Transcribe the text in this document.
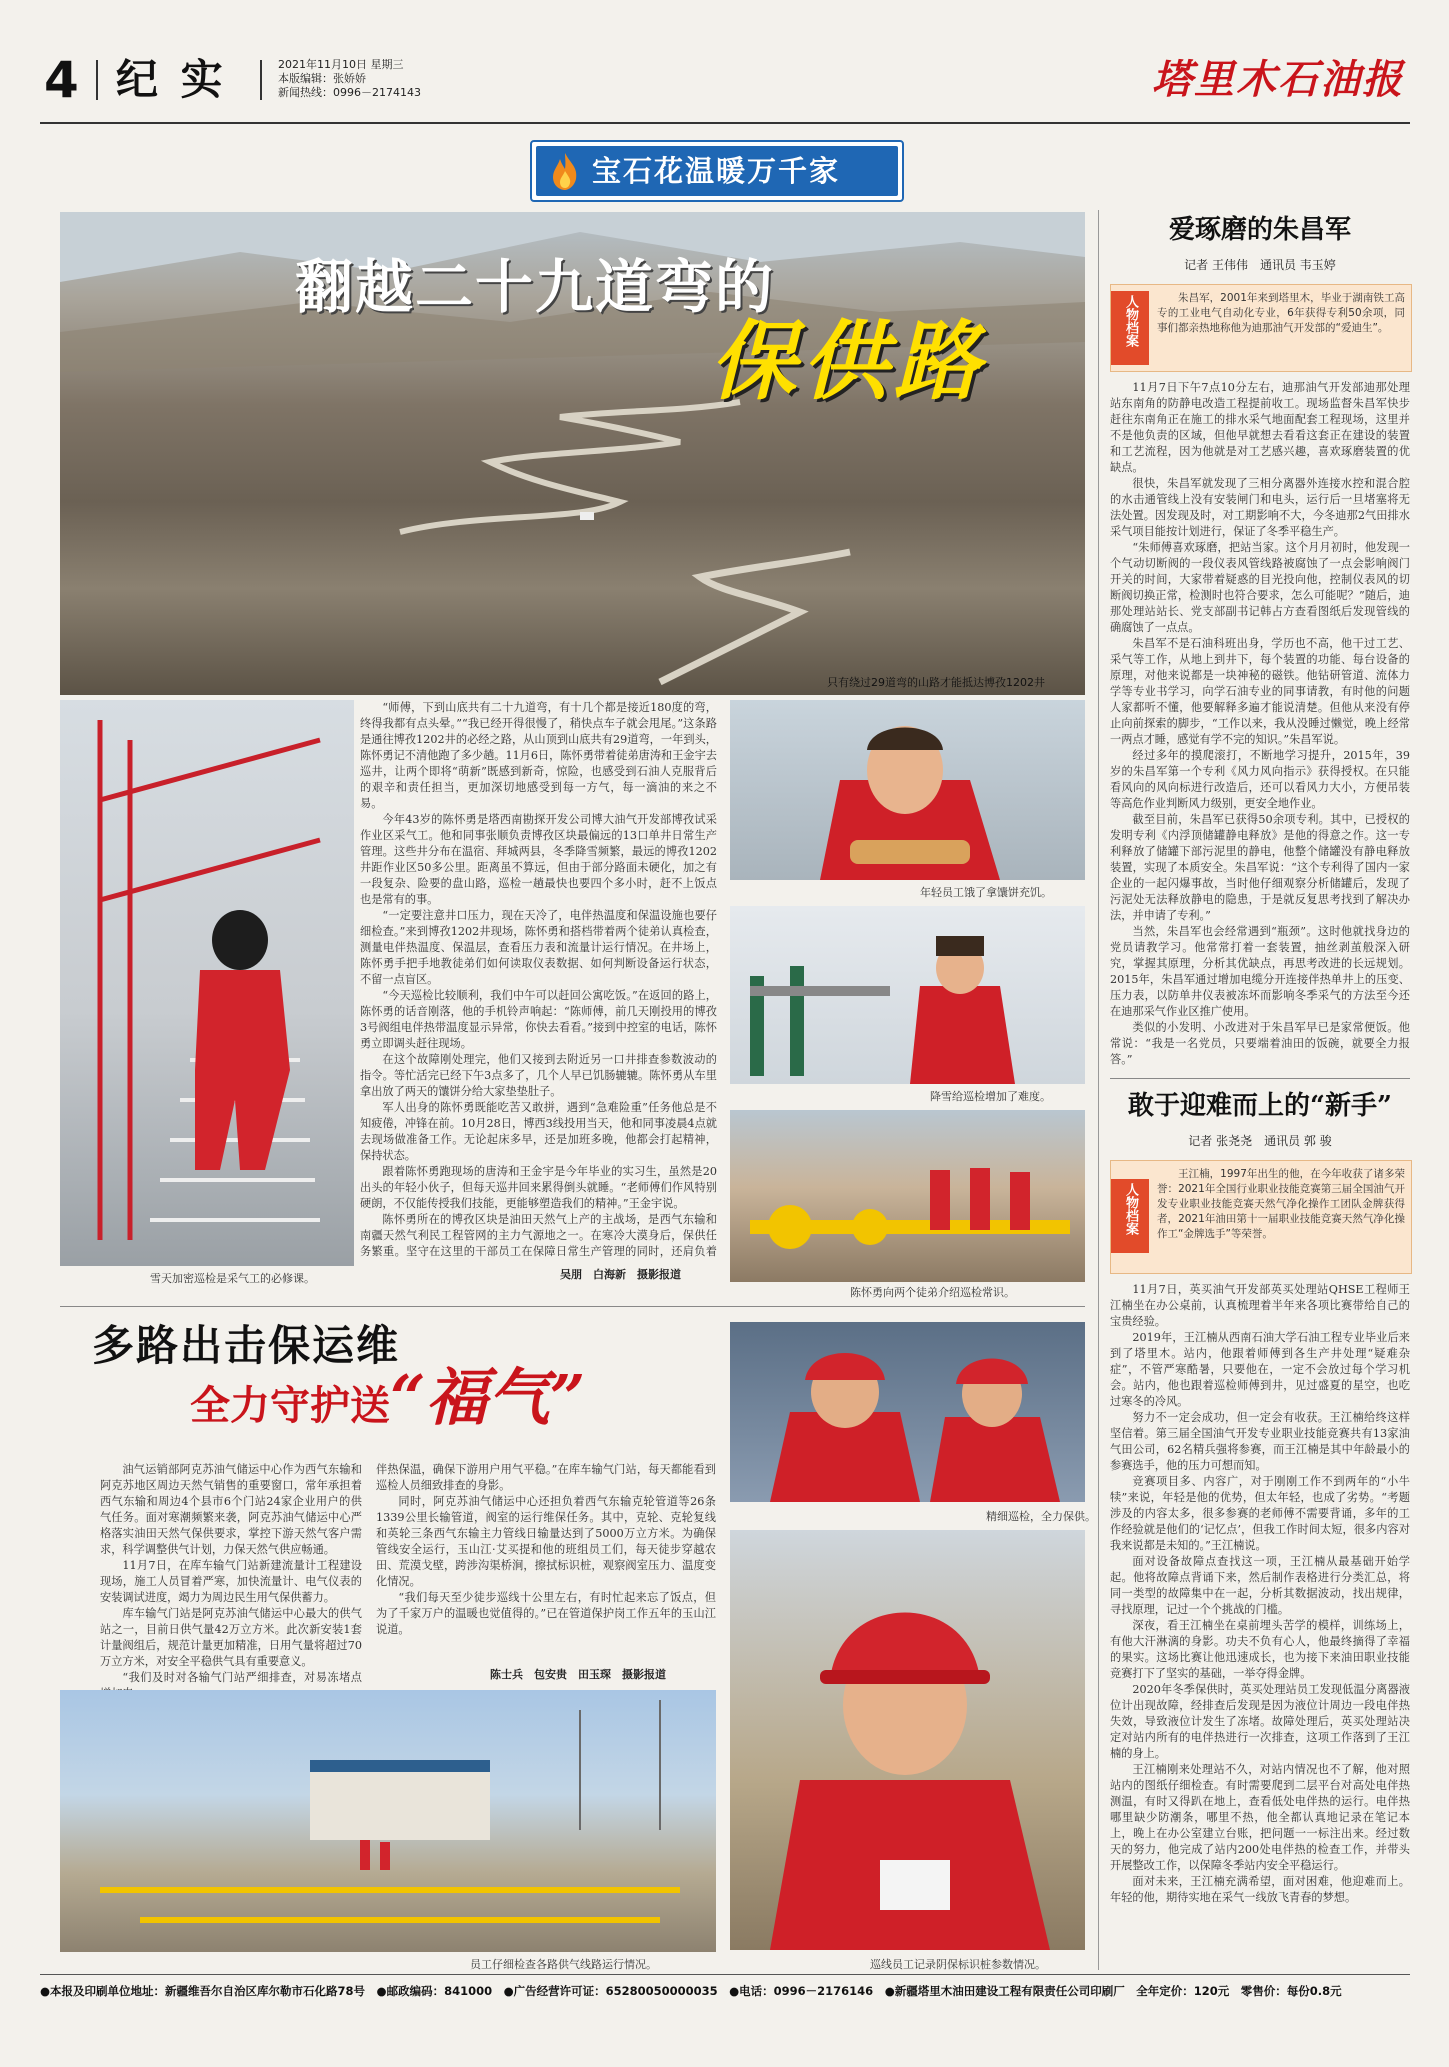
4 纪 实	2021年11月10日 星期三
本版编辑：张娇娇
新闻热线：0996－2174143	塔里木石油报
宝石花温暖万千家
翻越二十九道弯的
保供路
只有绕过29道弯的山路才能抵达博孜1202井
雪天加密巡检是采气工的必修课。

“师傅，下到山底共有二十九道弯，有十几个都是接近180度的弯，终得我都有点头晕。”“我已经开得很慢了，稍快点车子就会甩尾。”这条路是通往博孜1202井的必经之路，从山顶到山底共有29道弯，一年到头，陈怀勇记不清他跑了多少趟。11月6日，陈怀勇带着徒弟唐涛和王金宇去巡井，让两个即将“萌新”既感到新奇，惊险，也感受到石油人克服背后的艰辛和责任担当，更加深切地感受到每一方气，每一滴油的来之不易。

今年43岁的陈怀勇是塔西南勘探开发公司博大油气开发部博孜试采作业区采气工。他和同事张顺负责博孜区块最偏远的13口单井日常生产管理。这些井分布在温宿、拜城两县，冬季降雪频繁，最远的博孜1202井距作业区50多公里。距离虽不算远，但由于部分路面未硬化，加之有一段复杂、险要的盘山路，巡检一趟最快也要四个多小时，赶不上饭点也是常有的事。

“一定要注意井口压力，现在天冷了，电伴热温度和保温设施也要仔细检查。”来到博孜1202井现场，陈怀勇和搭档带着两个徒弟认真检查，测量电伴热温度、保温层，查看压力表和流量计运行情况。在井场上，陈怀勇手把手地教徒弟们如何读取仪表数据、如何判断设备运行状态，不留一点盲区。

“今天巡检比较顺利，我们中午可以赶回公寓吃饭。”在返回的路上，陈怀勇的话音刚落，他的手机铃声响起：“陈师傅，前几天刚投用的博孜3号阀组电伴热带温度显示异常，你快去看看。”接到中控室的电话，陈怀勇立即调头赶往现场。

在这个故障刚处理完，他们又接到去附近另一口井排查参数波动的指令。等忙活完已经下午3点多了，几个人早已饥肠辘辘。陈怀勇从车里拿出放了两天的馕饼分给大家垫垫肚子。

军人出身的陈怀勇既能吃苦又敢拼，遇到“急难险重”任务他总是不知疲倦，冲锋在前。10月28日，博西3线投用当天，他和同事凌晨4点就去现场做准备工作。无论起床多早，还是加班多晚，他都会打起精神，保持状态。

跟着陈怀勇跑现场的唐涛和王金宇是今年毕业的实习生，虽然是20出头的年轻小伙子，但每天巡井回来累得倒头就睡。“老师傅们作风特别硬朗，不仅能传授我们技能，更能够塑造我们的精神。”王金宇说。

陈怀勇所在的博孜区块是油田天然气上产的主战场，是西气东输和南疆天然气利民工程管网的主力气源地之一。在寒冷大漠身后，保供任务繁重。坚守在这里的干部员工在保障日常生产管理的同时，还肩负着

吴朋　白海新　摄影报道
年轻员工饿了拿馕饼充饥。
降雪给巡检增加了难度。
陈怀勇向两个徒弟介绍巡检常识。
多路出击保运维
全力守护送“福气”

油气运销部阿克苏油气储运中心作为西气东输和阿克苏地区周边天然气销售的重要窗口，常年承担着西气东输和周边4个县市6个门站24家企业用户的供气任务。面对寒潮频繁来袭，阿克苏油气储运中心严格落实油田天然气保供要求，掌控下游天然气客户需求，科学调整供气计划，力保天然气供应畅通。

11月7日，在库车输气门站新建流量计工程建设现场，施工人员冒着严寒，加快流量计、电气仪表的安装调试进度，竭力为周边民生用气保供蓄力。

库车输气门站是阿克苏油气储运中心最大的供气站之一，目前日供气量42万立方米。此次新安装1套计量阀组后，规范计量更加精准，日用气量将超过70万立方米，对安全平稳供气具有重要意义。

“我们及时对各输气门站严细排查，对易冻堵点

伴热保温，确保下游用户用气平稳。”在库车输气门站，每天都能看到巡检人员细致排查的身影。

同时，阿克苏油气储运中心还担负着西气东输克轮管道等26条1339公里长输管道，阀室的运行维保任务。其中，克轮、克轮复线和英轮三条西气东输主力管线日输量达到了5000万立方米。为确保管线安全运行，玉山江·艾买提和他的班组员工们，每天徒步穿越农田、荒漠戈壁，跨涉沟渠桥涧，擦拭标识桩，观察阀室压力、温度变化情况。

“我们每天至少徒步巡线十公里左右，有时忙起来忘了饭点，但为了千家万户的温暖也觉值得的。”已在管道保护岗工作五年的玉山江说道。

陈士兵　包安贵　田玉琛　摄影报道
员工仔细检查各路供气线路运行情况。
精细巡检，全力保供。
巡线员工记录阴保标识桩参数情况。
爱琢磨的朱昌军
记者 王伟伟　通讯员 韦玉婷
人物档案	朱昌军，2001年来到塔里木，毕业于湖南铁工高专的工业电气自动化专业，6年获得专利50余项，同事们都亲热地称他为迪那油气开发部的“爱迪生”。

11月7日下午7点10分左右，迪那油气开发部迪那处理站东南角的防静电改造工程提前收工。现场监督朱昌军快步赶往东南角正在施工的排水采气地面配套工程现场，这里并不是他负责的区域，但他早就想去看看这套正在建设的装置和工艺流程，因为他就是对工艺感兴趣，喜欢琢磨装置的优缺点。

很快，朱昌军就发现了三相分离器外连接水控和混合腔的水击通管线上没有安装闸门和电头，运行后一旦堵塞将无法处置。因发现及时，对工期影响不大，今冬迪那2气田排水采气项目能按计划进行，保证了冬季平稳生产。

“朱师傅喜欢琢磨，把站当家。这个月月初时，他发现一个气动切断阀的一段仪表风管线路被腐蚀了一点会影响阀门开关的时间，大家带着疑惑的目光投向他，控制仪表风的切断阀切换正常，检测时也符合要求，怎么可能呢？”随后，迪那处理站站长、党支部副书记韩占方查看图纸后发现管线的确腐蚀了一点点。

朱昌军不是石油科班出身，学历也不高，他干过工艺、采气等工作，从地上到井下，每个装置的功能、每台设备的原理，对他来说都是一块神秘的磁铁。他钻研管道、流体力学等专业书学习，向学石油专业的同事请教，有时他的问题人家都听不懂，他要解释多遍才能说清楚。但他从来没有停止向前探索的脚步，“工作以来，我从没睡过懒觉，晚上经常一两点才睡，感觉有学不完的知识。”朱昌军说。

经过多年的摸爬滚打，不断地学习提升，2015年，39岁的朱昌军第一个专利《风力风向指示》获得授权。在只能看风向的风向标进行改造后，还可以看风力大小，方便吊装等高危作业判断风力级别，更安全地作业。

截至目前，朱昌军已获得50余项专利。其中，已授权的发明专利《内浮顶储罐静电释放》是他的得意之作。这一专利释放了储罐下部污泥里的静电，他整个储罐没有静电释放装置，实现了本质安全。朱昌军说：“这个专利得了国内一家企业的一起闪爆事故，当时他仔细观察分析储罐后，发现了污泥处无法释放静电的隐患，于是就反复思考找到了解决办法，并申请了专利。”

当然，朱昌军也会经常遇到“瓶颈”。这时他就找身边的党员请教学习。他常常打着一套装置，抽丝剥茧般深入研究，掌握其原理，分析其优缺点，再思考改进的长远规划。2015年，朱昌军通过增加电缆分开连接伴热单井上的压变、压力表，以防单井仪表被冻坏而影响冬季采气的方法至今还在迪那采气作业区推广使用。

类似的小发明、小改进对于朱昌军早已是家常便饭。他常说：“我是一名党员，只要端着油田的饭碗，就要全力报答。”

敢于迎难而上的“新手”
记者 张尧尧　通讯员 郭 骏
人物档案
王江楠，1997年出生的他，在今年收获了诸多荣誉：2021年全国行业职业技能竞赛第三届全国油气开发专业职业技能竞赛天然气净化操作工团队金牌获得者，2021年油田第十一届职业技能竞赛天然气净化操作工“金牌选手”等荣誉。

11月7日，英买油气开发部英买处理站QHSE工程师王江楠坐在办公桌前，认真梳理着半年来各项比赛带给自己的宝贵经验。

2019年，王江楠从西南石油大学石油工程专业毕业后来到了塔里木。站内，他跟着师傅到各生产井处理“疑难杂症”，不管严寒酷暑，只要他在，一定不会放过每个学习机会。站内，他也跟着巡检师傅到井，见过盛夏的星空，也吃过寒冬的冷风。

努力不一定会成功，但一定会有收获。王江楠给终这样坚信着。第三届全国油气开发专业职业技能竞赛共有13家油气田公司，62名精兵强将参赛，而王江楠是其中年龄最小的参赛选手，他的压力可想而知。

竞赛项目多、内容广，对于刚刚工作不到两年的“小牛犊”来说，年轻是他的优势，但太年轻，也成了劣势。“考题涉及的内容太多，很多参赛的老师傅不需要背诵，多年的工作经验就是他们的‘记忆点’，但我工作时间太短，很多内容对我来说都是未知的。”王江楠说。

面对设备故障点查找这一项，王江楠从最基础开始学起。他将故障点背诵下来，然后制作表格进行分类汇总，将同一类型的故障集中在一起，分析其数据波动，找出规律，寻找原理，记过一个个挑战的门槛。

深夜，看王江楠坐在桌前埋头苦学的模样，训练场上，有他大汗淋漓的身影。功夫不负有心人，他最终摘得了幸福的果实。这场比赛让他迅速成长，也为接下来油田职业技能竞赛打下了坚实的基础，一举夺得金牌。

2020年冬季保供时，英买处理站员工发现低温分离器液位计出现故障，经排查后发现是因为液位计周边一段电伴热失效，导致液位计发生了冻堵。故障处理后，英买处理站决定对站内所有的电伴热进行一次排查，这项工作落到了王江楠的身上。

王江楠刚来处理站不久，对站内情况也不了解，他对照站内的图纸仔细检查。有时需要爬到二层平台对高处电伴热测温，有时又得趴在地上，查看低处电伴热的运行。电伴热哪里缺少防潮条，哪里不热，他全都认真地记录在笔记本上，晚上在办公室建立台账，把问题一一标注出来。经过数天的努力，他完成了站内200处电伴热的检查工作，并带头开展整改工作，以保障冬季站内安全平稳运行。

面对未来，王江楠充满希望，面对困难，他迎难而上。年轻的他，期待实地在采气一线放飞青春的梦想。

●本报及印刷单位地址：新疆维吾尔自治区库尔勒市石化路78号　●邮政编码：841000　●广告经营许可证：65280050000035　●电话：0996－2176146　●新疆塔里木油田建设工程有限责任公司印刷厂　全年定价：120元　零售价：每份0.8元
